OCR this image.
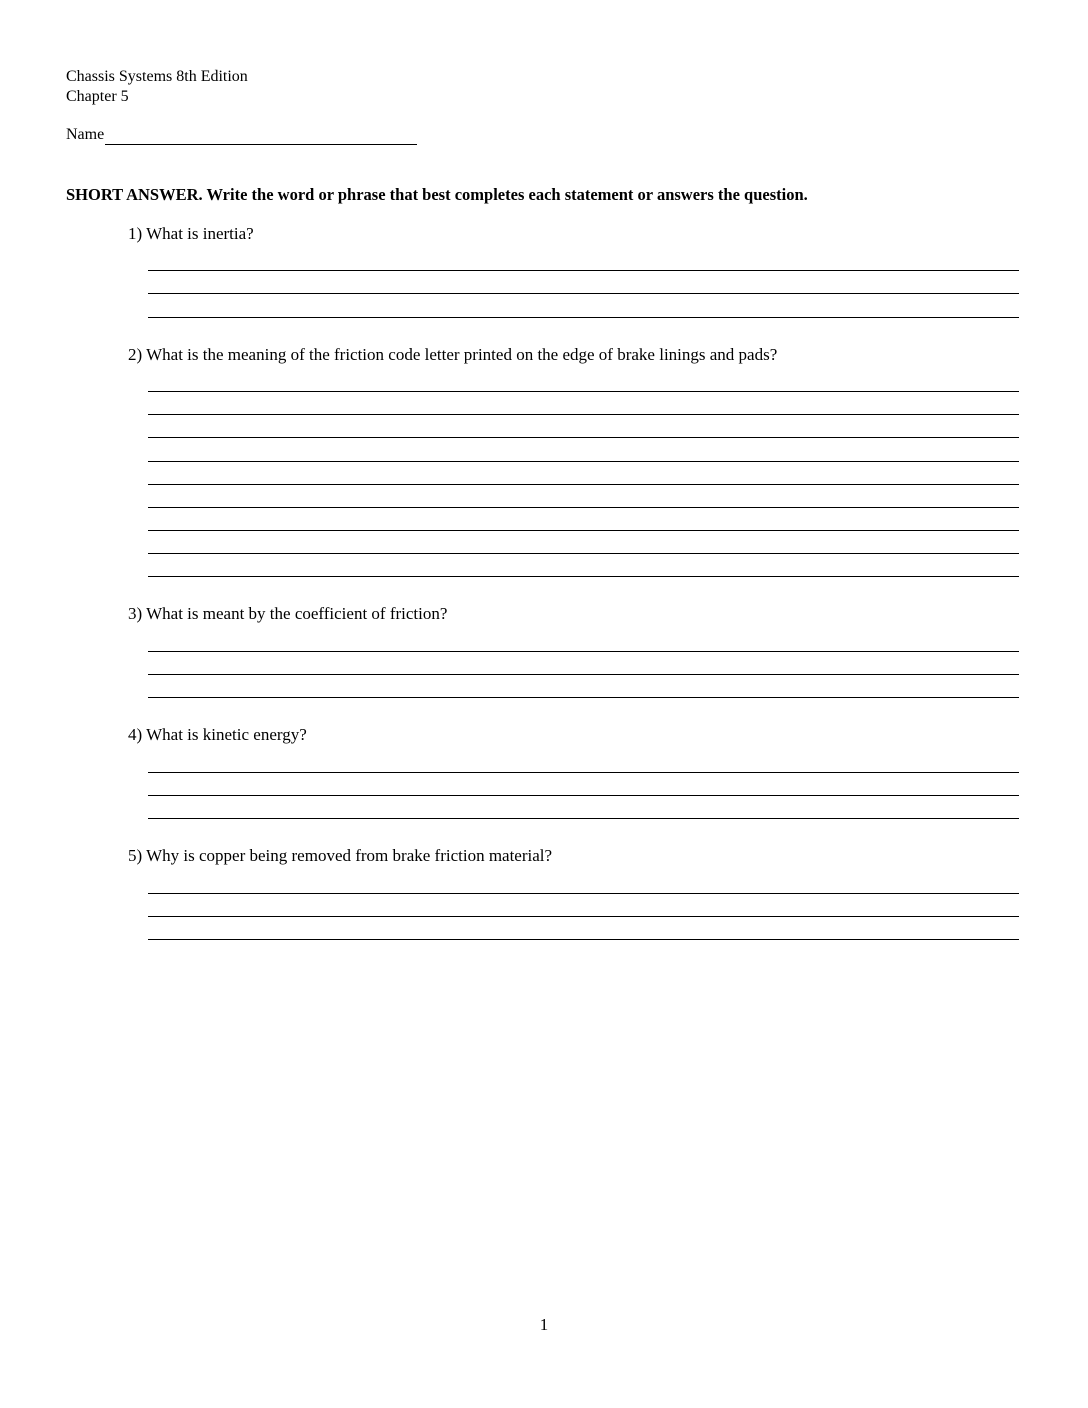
Chassis Systems 8th Edition
Chapter 5
Name
SHORT ANSWER. Write the word or phrase that best completes each statement or answers the question.
1) What is inertia?
2) What is the meaning of the friction code letter printed on the edge of brake linings and pads?
3) What is meant by the coefficient of friction?
4) What is kinetic energy?
5) Why is copper being removed from brake friction material?
1
